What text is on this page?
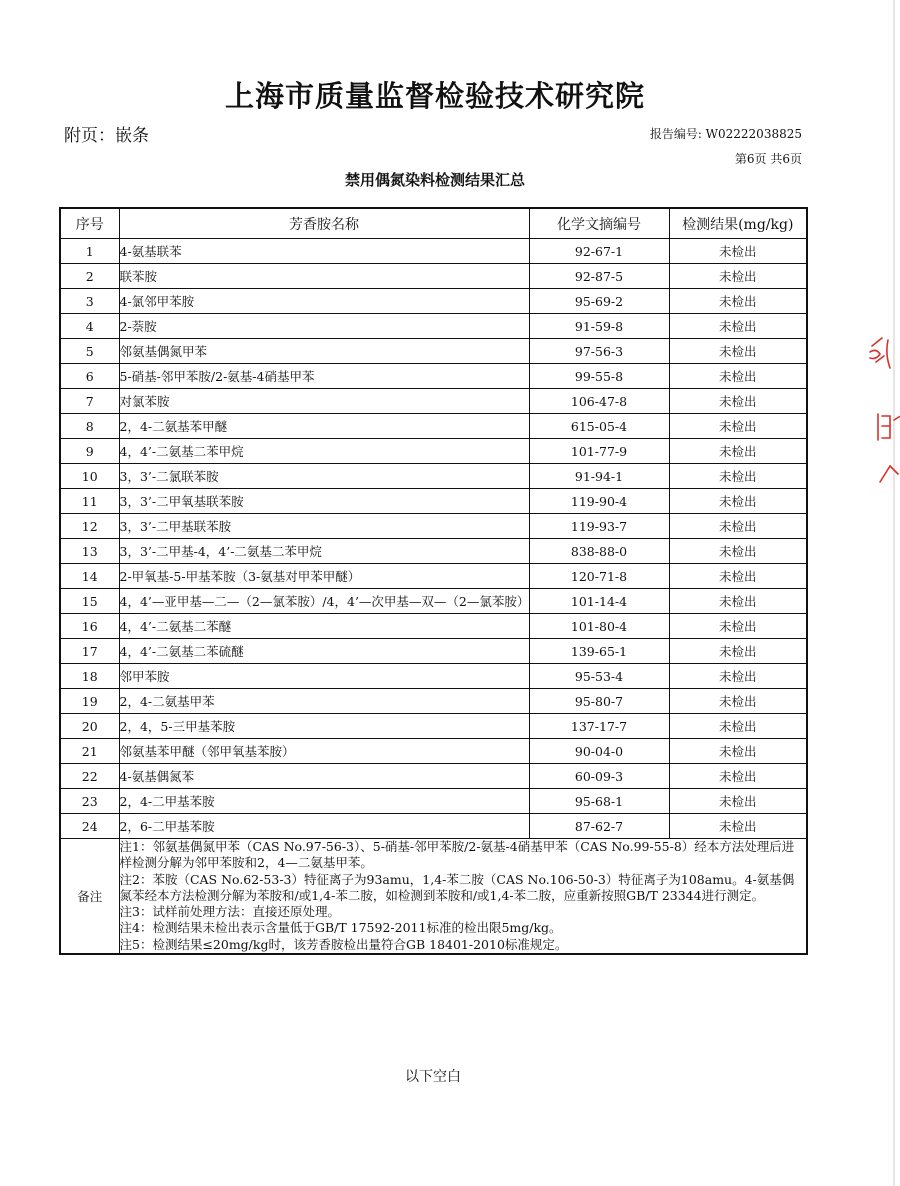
上海市质量监督检验技术研究院
附页：嵌条	报告编号: W02222038825
第6页 共6页
禁用偶氮染料检测结果汇总
序号	芳香胺名称	化学文摘编号	检测结果(mg/kg)
1	4-氨基联苯	92-67-1	未检出
2	联苯胺	92-87-5	未检出
3	4-氯邻甲苯胺	95-69-2	未检出
4	2-萘胺	91-59-8	未检出
5	邻氨基偶氮甲苯	97-56-3	未检出
6	5-硝基-邻甲苯胺/2-氨基-4硝基甲苯	99-55-8	未检出
7	对氯苯胺	106-47-8	未检出
8	2，4-二氨基苯甲醚	615-05-4	未检出
9	4，4’-二氨基二苯甲烷	101-77-9	未检出
10	3，3’-二氯联苯胺	91-94-1	未检出
11	3，3’-二甲氧基联苯胺	119-90-4	未检出
12	3，3’-二甲基联苯胺	119-93-7	未检出
13	3，3’-二甲基-4，4’-二氨基二苯甲烷	838-88-0	未检出
14	2-甲氧基-5-甲基苯胺（3-氨基对甲苯甲醚）	120-71-8	未检出
15	4，4’—亚甲基—二—（2—氯苯胺）/4，4’—次甲基—双—（2—氯苯胺）	101-14-4	未检出
16	4，4’-二氨基二苯醚	101-80-4	未检出
17	4，4’-二氨基二苯硫醚	139-65-1	未检出
18	邻甲苯胺	95-53-4	未检出
19	2，4-二氨基甲苯	95-80-7	未检出
20	2，4，5-三甲基苯胺	137-17-7	未检出
21	邻氨基苯甲醚（邻甲氧基苯胺）	90-04-0	未检出
22	4-氨基偶氮苯	60-09-3	未检出
23	2，4-二甲基苯胺	95-68-1	未检出
24	2，6-二甲基苯胺	87-62-7	未检出
备注	注1：邻氨基偶氮甲苯（CAS No.97-56-3）、5-硝基-邻甲苯胺/2-氨基-4硝基甲苯（CAS No.99-55-8）经本方法处理后进样检测分解为邻甲苯胺和2，4—二氨基甲苯。
注2：苯胺（CAS No.62-53-3）特征离子为93amu，1,4-苯二胺（CAS No.106-50-3）特征离子为108amu。4-氨基偶氮苯经本方法检测分解为苯胺和/或1,4-苯二胺，如检测到苯胺和/或1,4-苯二胺，应重新按照GB/T 23344进行测定。
注3：试样前处理方法：直接还原处理。
注4：检测结果未检出表示含量低于GB/T 17592-2011标准的检出限5mg/kg。
注5：检测结果≤20mg/kg时，该芳香胺检出量符合GB 18401-2010标准规定。		
以下空白
